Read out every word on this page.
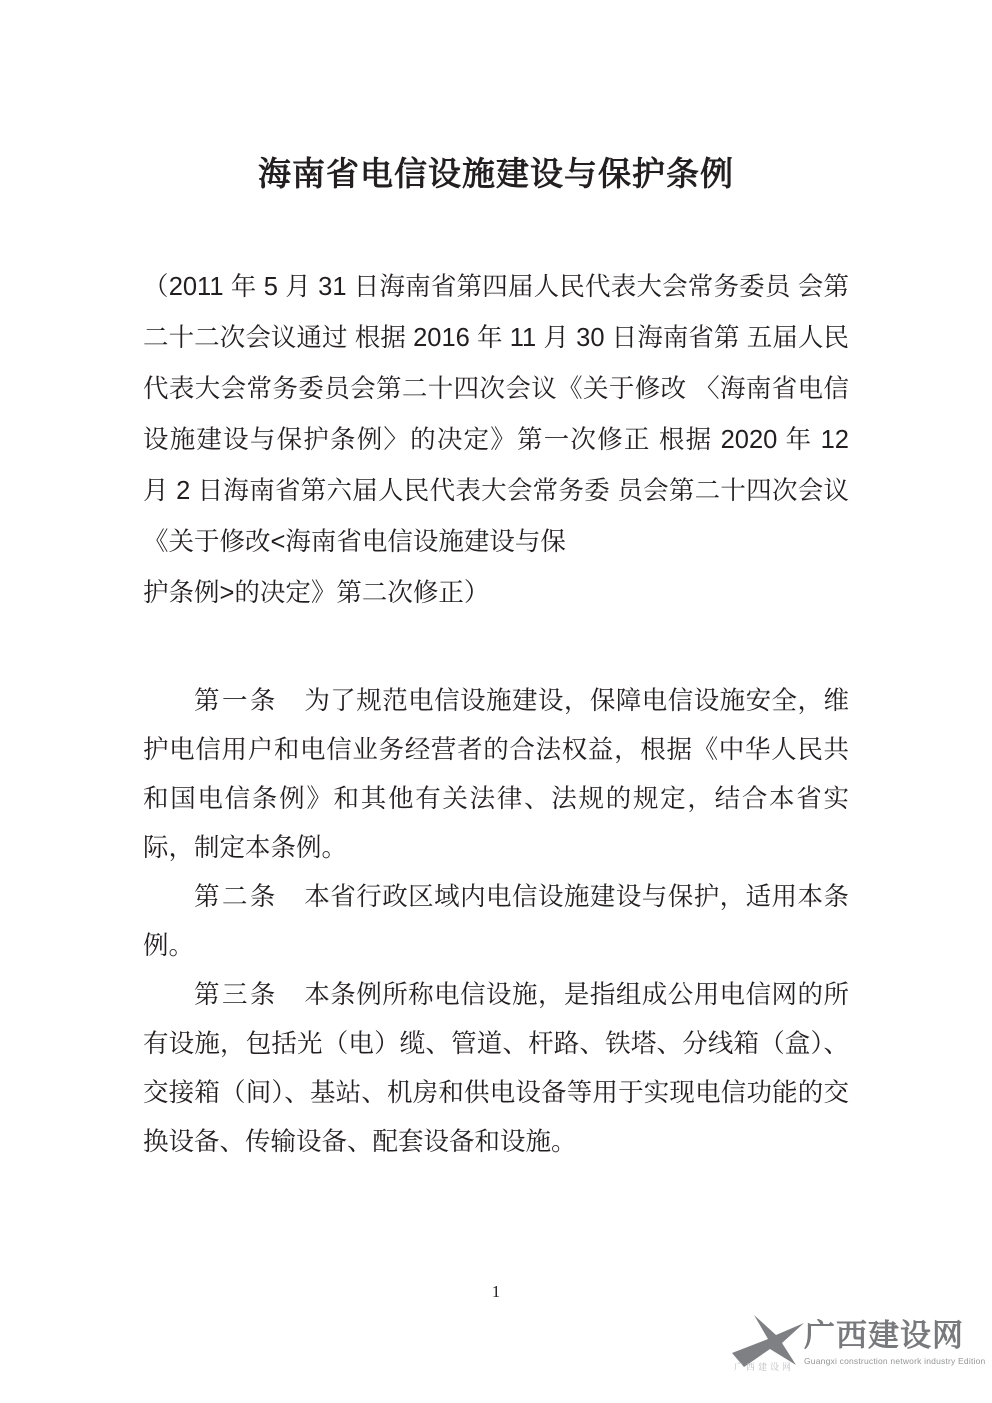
海南省电信设施建设与保护条例
（2011 年 5 月 31 日海南省第四届人民代表大会常务委员 会第二十二次会议通过 根据 2016 年 11 月 30 日海南省第 五届人民代表大会常务委员会第二十四次会议《关于修改 〈海南省电信设施建设与保护条例〉的决定》第一次修正 根据 2020 年 12 月 2 日海南省第六届人民代表大会常务委 员会第二十四次会议《关于修改<海南省电信设施建设与保
护条例>的决定》第二次修正）

第一条 为了规范电信设施建设，保障电信设施安全，维护电信用户和电信业务经营者的合法权益，根据《中华人民共和国电信条例》和其他有关法律、法规的规定，结合本省实际，制定本条例。

第二条 本省行政区域内电信设施建设与保护，适用本条例。

第三条 本条例所称电信设施，是指组成公用电信网的所有设施，包括光（电）缆、管道、杆路、铁塔、分线箱（盒）、交接箱（间）、基站、机房和供电设备等用于实现电信功能的交换设备、传输设备、配套设备和设施。

1
广西建设网
广西建设网
Guangxi construction network industry Edition
